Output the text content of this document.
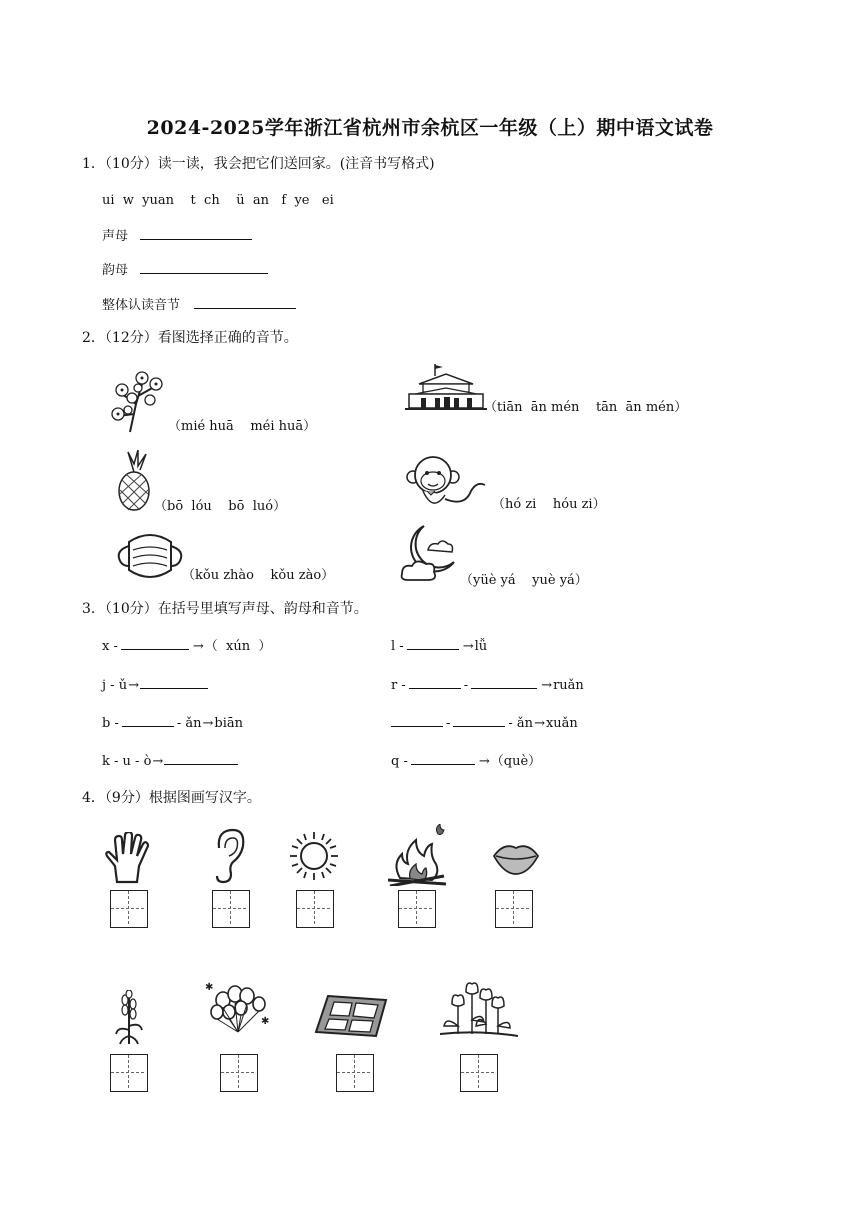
2024-2025学年浙江省杭州市余杭区一年级（上）期中语文试卷
1．（10分）读一读，我会把它们送回家。(注音书写格式)
ui  w  yuan    t  ch    ü  an   f  ye   ei
声母
韵母
整体认读音节
2．（12分）看图选择正确的音节。
（mié huā    méi huā）
（tiān  ān mén    tān  ān mén）
（bō  lóu    bō  luó）	（hó zi    hóu zi）
（kǒu zhào    kǒu zào）	（yüè yá    yuè yá）
3．（10分）在括号里填写声母、韵母和音节。
x -	→（  xún  ）
j - ǔ→
b -	- ǎn→biān
k - u - ò→
l -	→lǚ
r -	-	→ruǎn
-	- ǎn→xuǎn
q -	→（què）
4．（9分）根据图画写汉字。
✱
✱
